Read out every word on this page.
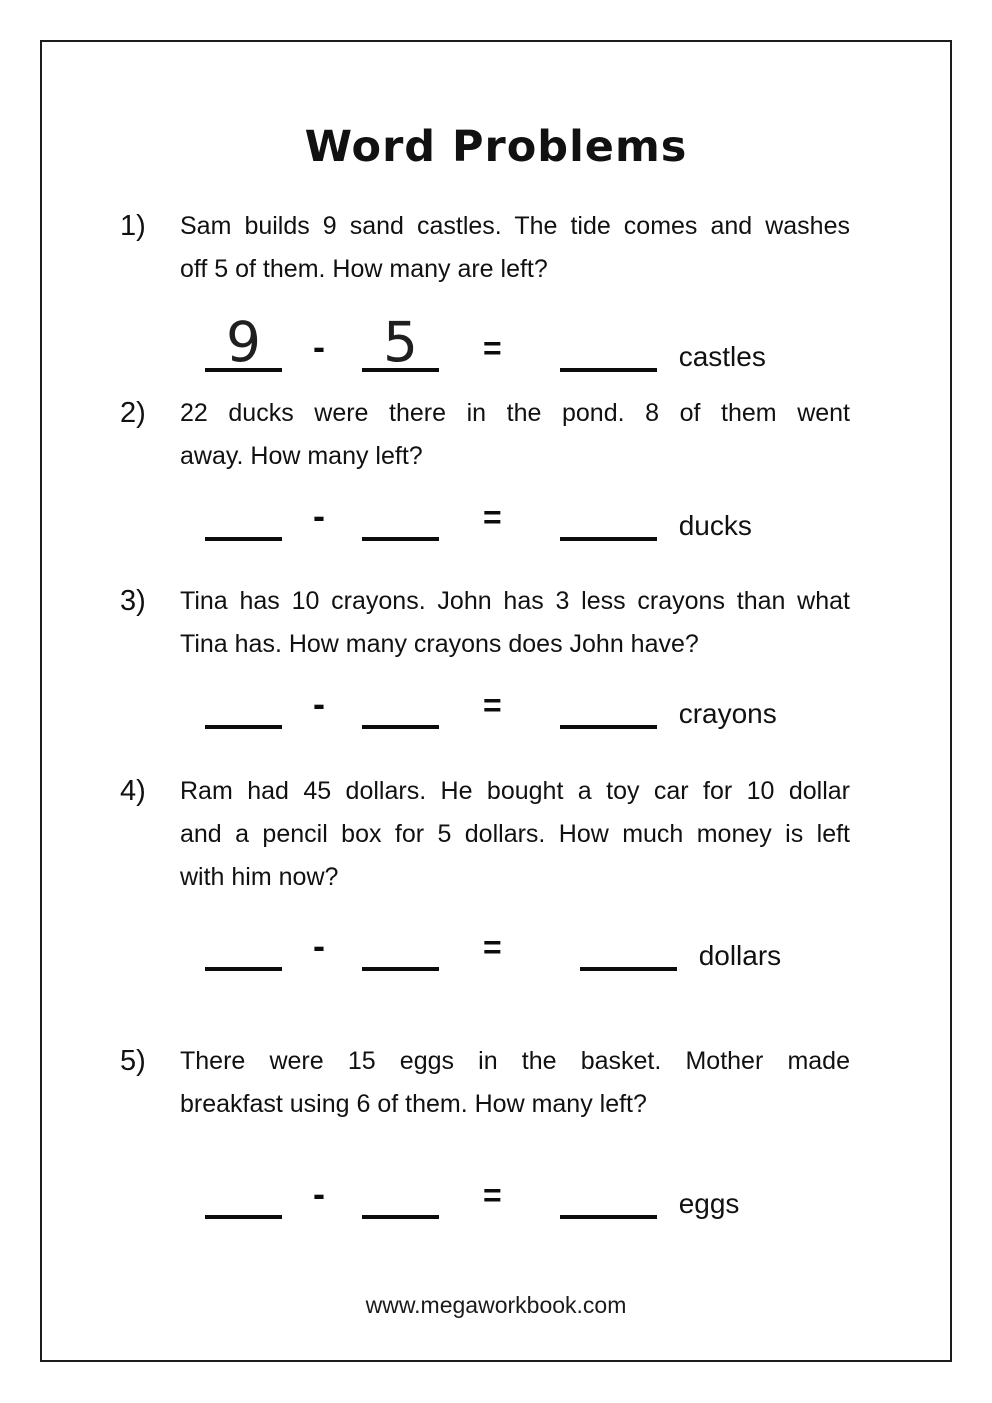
Word Problems
1) Sam builds 9 sand castles. The tide comes and washes
off 5 of them. How many are left?
9 - 5 =	castles
2) 22 ducks were there in the pond. 8 of them went
away. How many left?
-	=	ducks
3) Tina has 10 crayons. John has 3 less crayons than what
Tina has. How many crayons does John have?
-	=	crayons
4) Ram had 45 dollars. He bought a toy car for 10 dollar
and a pencil box for 5 dollars. How much money is left
with him now?
-	=	dollars
5) There were 15 eggs in the basket. Mother made
breakfast using 6 of them. How many left?
-	=	eggs
www.megaworkbook.com
